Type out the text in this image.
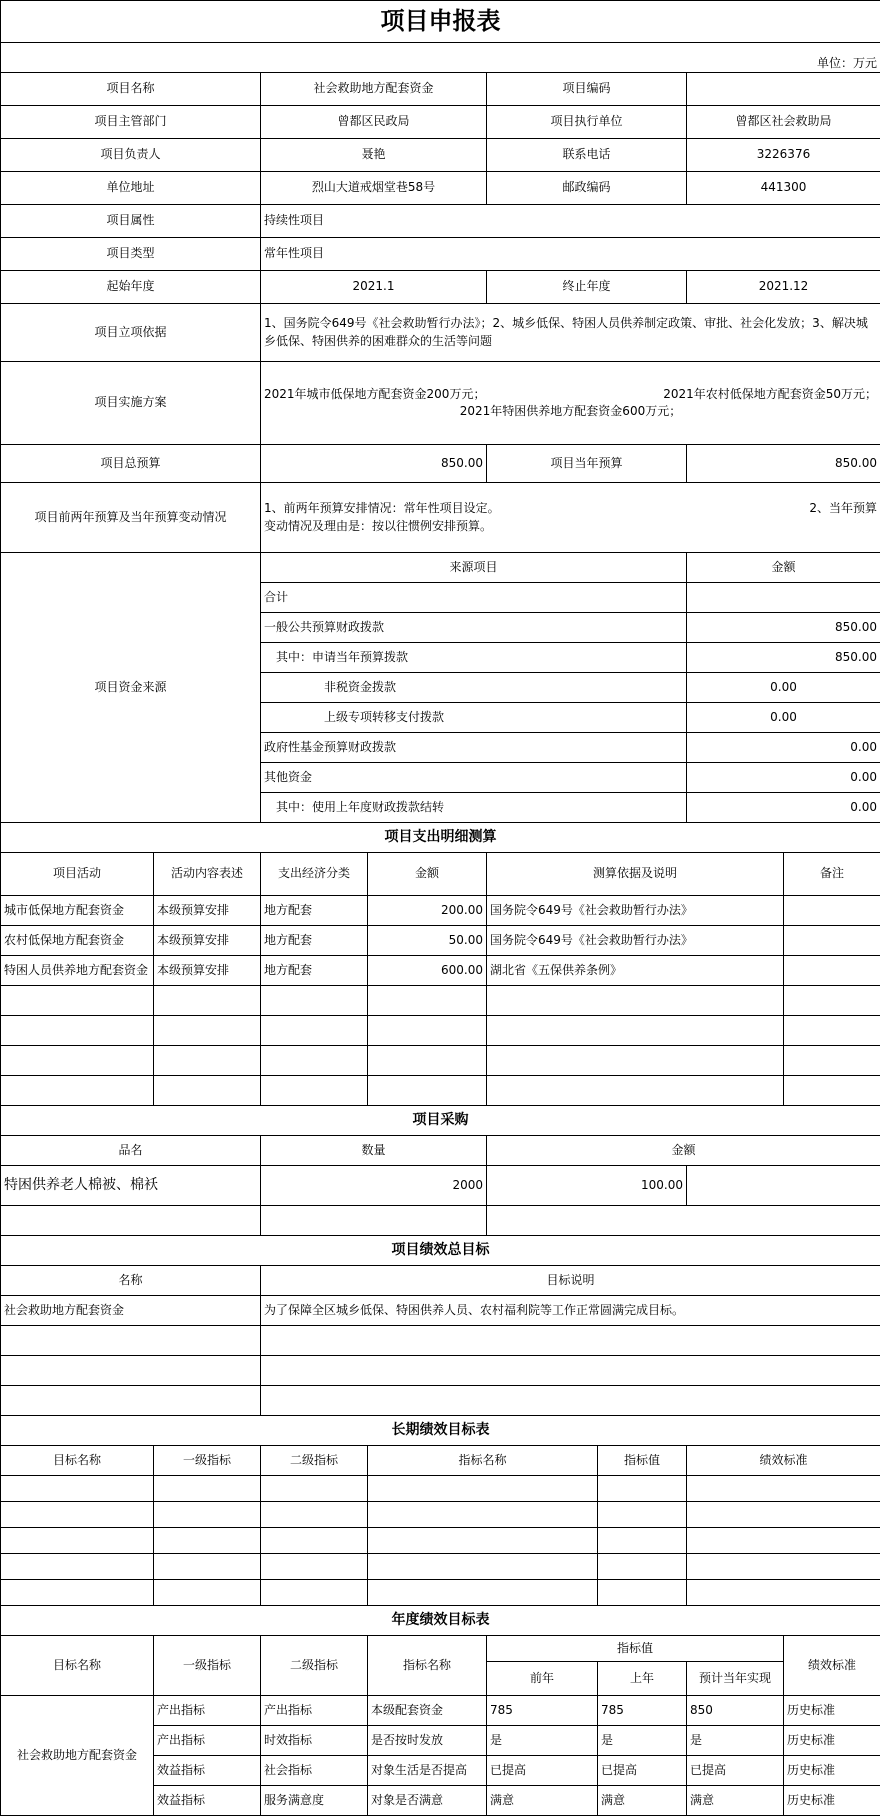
项目申报表							
单位：万元							
项目名称		社会救助地方配套资金		项目编码			
项目主管部门		曾都区民政局		项目执行单位		曾都区社会救助局	
项目负责人		聂艳		联系电话		3226376	
单位地址		烈山大道戒烟堂巷58号		邮政编码		441300	
项目属性		持续性项目					
项目类型		常年性项目					
起始年度		2021.1		终止年度		2021.12	
项目立项依据		1、国务院令649号《社会救助暂行办法》；2、城乡低保、特困人员供养制定政策、审批、社会化发放；3、解决城乡低保、特困供养的困难群众的生活等问题					
项目实施方案		2021年城市低保地方配套资金200万元； 2021年农村低保地方配套资金50万元；
2021年特困供养地方配套资金600万元；					

项目总预算		850.00		项目当年预算		850.00	
项目前两年预算及当年预算变动情况		1、前两年预算安排情况：常年性项目设定。 2、当年预算
变动情况及理由是：按以往惯例安排预算。					

项目资金来源		来源项目				金额	
		合计					
		一般公共预算财政拨款				850.00	
		　其中：申请当年预算拨款				850.00	
		　　　　　非税资金拨款				0.00	
		　　　　　上级专项转移支付拨款				0.00	
		政府性基金预算财政拨款				0.00	
		其他资金				0.00	
		　其中：使用上年度财政拨款结转				0.00	
项目支出明细测算							
项目活动	活动内容表述	支出经济分类	金额	测算依据及说明			备注
城市低保地方配套资金	本级预算安排	地方配套	200.00	国务院令649号《社会救助暂行办法》			
农村低保地方配套资金	本级预算安排	地方配套	50.00	国务院令649号《社会救助暂行办法》			
特困人员供养地方配套资金	本级预算安排	地方配套	600.00	湖北省《五保供养条例》			

项目采购							
品名		数量		金额			
特困供养老人棉被、棉袄		2000		100.00			

项目绩效总目标							
名称		目标说明					
社会救助地方配套资金		为了保障全区城乡低保、特困供养人员、农村福利院等工作正常圆满完成目标。					

长期绩效目标表							
目标名称	一级指标	二级指标	指标名称		指标值	绩效标准	

年度绩效目标表							
目标名称	一级指标	二级指标	指标名称	指标值			绩效标准
				前年	上年	预计当年实现	
社会救助地方配套资金	产出指标	产出指标	本级配套资金	785	785	850	历史标准
	产出指标	时效指标	是否按时发放	是	是	是	历史标准
	效益指标	社会指标	对象生活是否提高	已提高	已提高	已提高	历史标准
	效益指标	服务满意度	对象是否满意	满意	满意	满意	历史标准
